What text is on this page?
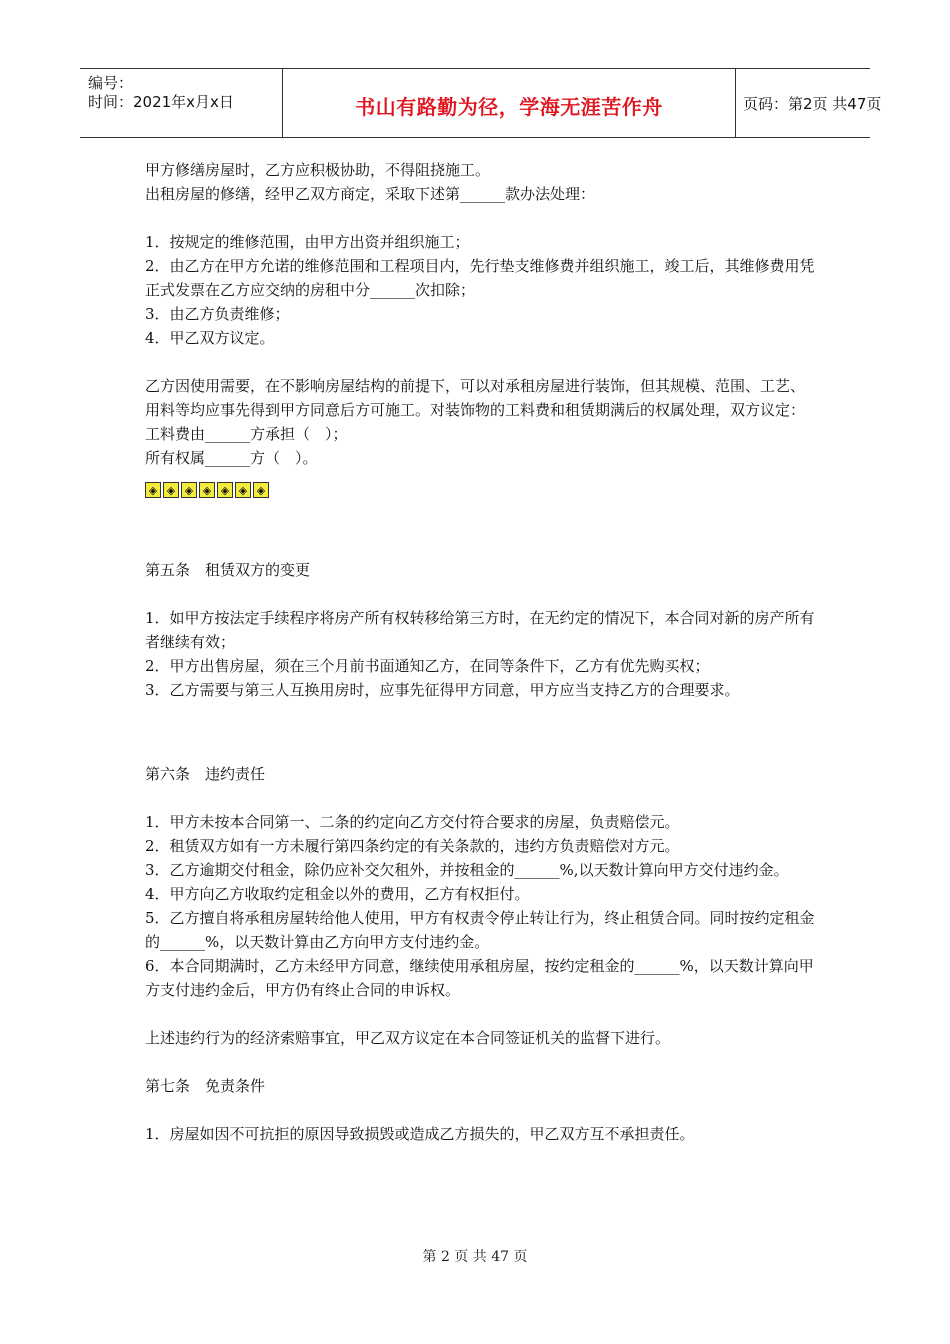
编号：
时间：2021年x月x日	书山有路勤为径，学海无涯苦作舟	页码：第2页 共47页

甲方修缮房屋时，乙方应积极协助，不得阻挠施工。

出租房屋的修缮，经甲乙双方商定，采取下述第______款办法处理：

1．按规定的维修范围，由甲方出资并组织施工；

2．由乙方在甲方允诺的维修范围和工程项目内，先行垫支维修费并组织施工，竣工后，其维修费用凭正式发票在乙方应交纳的房租中分______次扣除；

3．由乙方负责维修；

4．甲乙双方议定。

乙方因使用需要，在不影响房屋结构的前提下，可以对承租房屋进行装饰，但其规模、范围、工艺、用料等均应事先得到甲方同意后方可施工。对装饰物的工料费和租赁期满后的权属处理，双方议定：

工料费由______方承担（　）；

所有权属______方（　）。

◈ ◈ ◈ ◈ ◈ ◈ ◈

第五条　租赁双方的变更

1．如甲方按法定手续程序将房产所有权转移给第三方时，在无约定的情况下，本合同对新的房产所有者继续有效；

2．甲方出售房屋，须在三个月前书面通知乙方，在同等条件下，乙方有优先购买权；

3．乙方需要与第三人互换用房时，应事先征得甲方同意，甲方应当支持乙方的合理要求。

第六条　违约责任

1．甲方未按本合同第一、二条的约定向乙方交付符合要求的房屋，负责赔偿元。

2．租赁双方如有一方未履行第四条约定的有关条款的，违约方负责赔偿对方元。

3．乙方逾期交付租金，除仍应补交欠租外，并按租金的______%,以天数计算向甲方交付违约金。

4．甲方向乙方收取约定租金以外的费用，乙方有权拒付。

5．乙方擅自将承租房屋转给他人使用，甲方有权责令停止转让行为，终止租赁合同。同时按约定租金的______%，以天数计算由乙方向甲方支付违约金。

6．本合同期满时，乙方未经甲方同意，继续使用承租房屋，按约定租金的______%，以天数计算向甲方支付违约金后，甲方仍有终止合同的申诉权。

上述违约行为的经济索赔事宜，甲乙双方议定在本合同签证机关的监督下进行。

第七条　免责条件

1．房屋如因不可抗拒的原因导致损毁或造成乙方损失的，甲乙双方互不承担责任。

第 2 页 共 47 页
